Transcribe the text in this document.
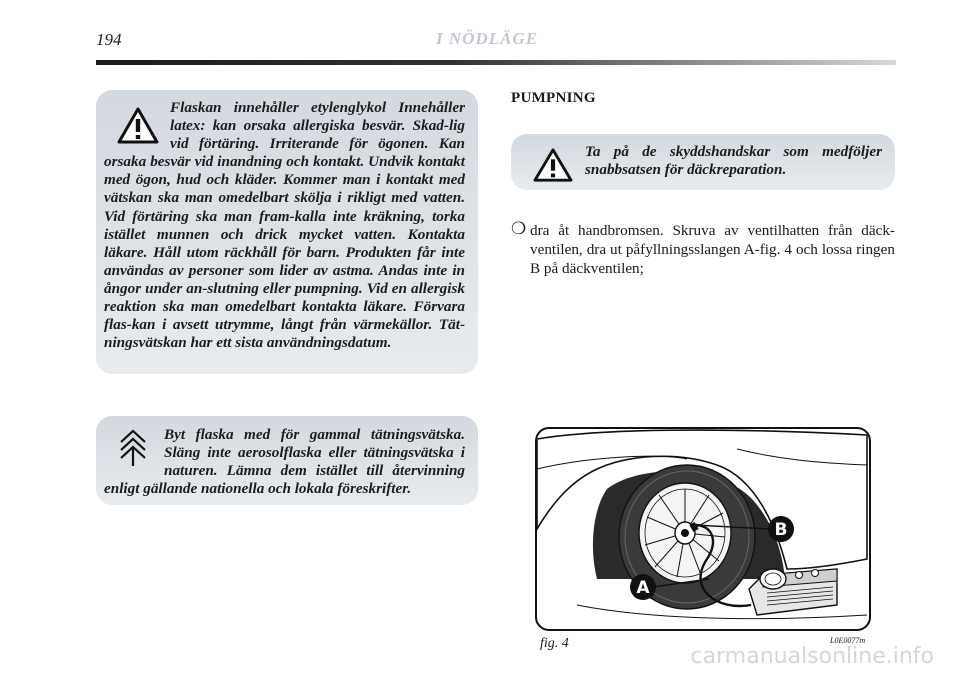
194	I NÖDLÄGE
Flaskan innehåller etylenglykol Innehåller latex: kan orsaka allergiska besvär. Skad-lig vid förtäring. Irriterande för ögonen. Kan orsaka besvär vid inandning och kontakt. Undvik kontakt med ögon, hud och kläder. Kommer man i kontakt med vätskan ska man omedelbart skölja i rikligt med vatten. Vid förtäring ska man fram-kalla inte kräkning, torka istället munnen och drick mycket vatten. Kontakta läkare. Håll utom räckhåll för barn. Produkten får inte användas av personer som lider av astma. Andas inte in ångor under an-slutning eller pumpning. Vid en allergisk reaktion ska man omedelbart kontakta läkare. Förvara flas-kan i avsett utrymme, långt från värmekällor. Tät-ningsvätskan har ett sista användningsdatum.
Byt flaska med för gammal tätningsvätska. Släng inte aerosolflaska eller tätningsvätska i naturen. Lämna dem istället till återvinning enligt gällande nationella och lokala föreskrifter.
PUMPNING
Ta på de skyddshandskar som medföljer snabbsatsen för däckreparation.
❍ dra åt handbromsen. Skruva av ventilhatten från däck-ventilen, dra ut påfyllningsslangen A-fig. 4 och lossa ringen B på däckventilen;
B
A
fig. 4	L0E0077m
carmanualsonline.info
